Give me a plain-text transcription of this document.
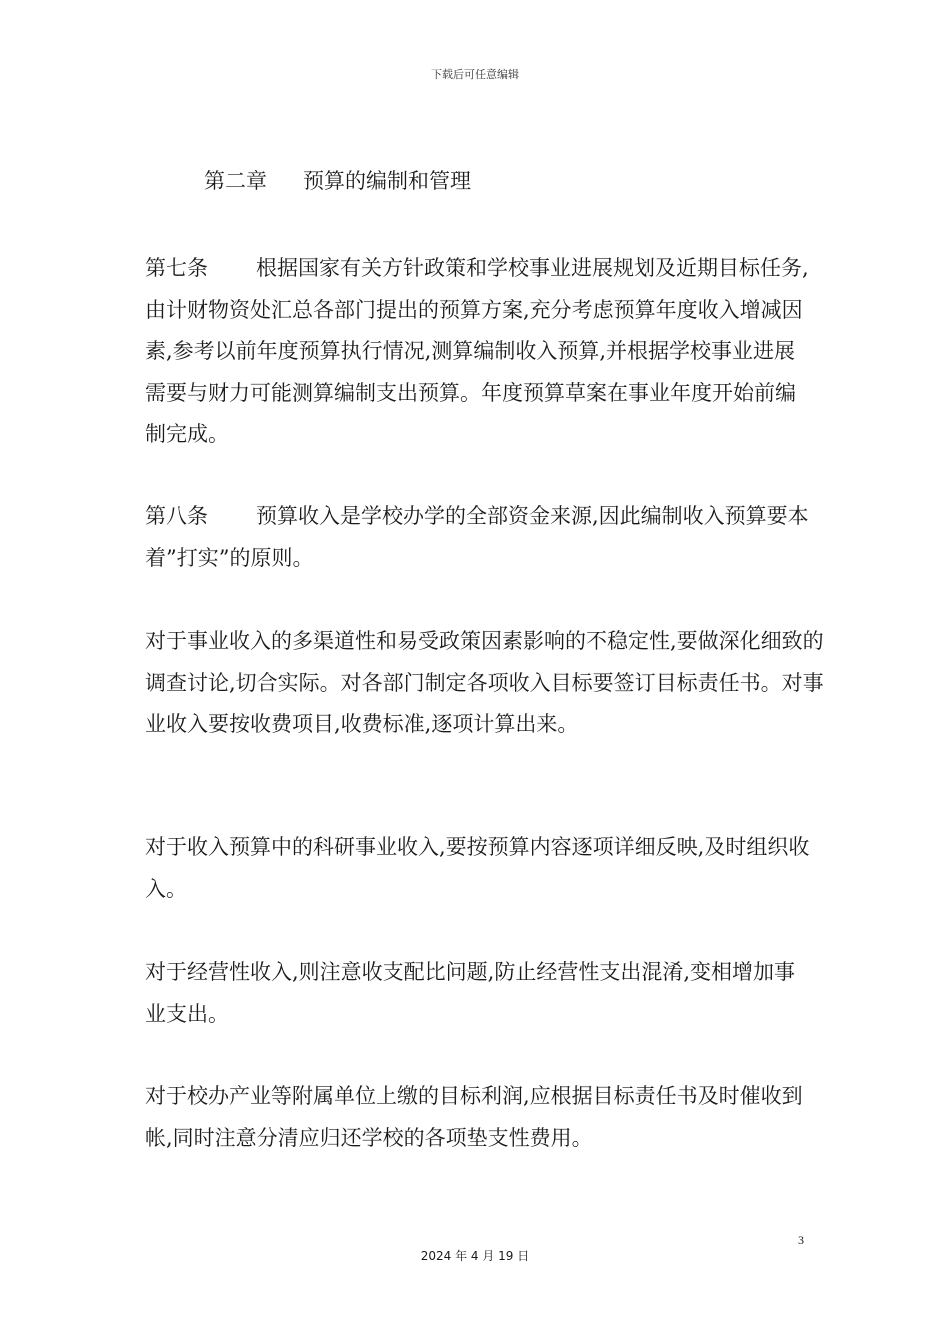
下载后可任意编辑
第二章 预算的编制和管理

第七条 根据国家有关方针政策和学校事业进展规划及近期目标任务,由计财物资处汇总各部门提出的预算方案,充分考虑预算年度收入增减因素,参考以前年度预算执行情况,测算编制收入预算,并根据学校事业进展需要与财力可能测算编制支出预算。年度预算草案在事业年度开始前编制完成。

第八条 预算收入是学校办学的全部资金来源,因此编制收入预算要本着”打实”的原则。

对于事业收入的多渠道性和易受政策因素影响的不稳定性,要做深化细致的调查讨论,切合实际。对各部门制定各项收入目标要签订目标责任书。对事业收入要按收费项目,收费标准,逐项计算出来。

对于收入预算中的科研事业收入,要按预算内容逐项详细反映,及时组织收入。

对于经营性收入,则注意收支配比问题,防止经营性支出混淆,变相增加事业支出。

对于校办产业等附属单位上缴的目标利润,应根据目标责任书及时催收到帐,同时注意分清应归还学校的各项垫支性费用。

3
2024 年 4 月 19 日
